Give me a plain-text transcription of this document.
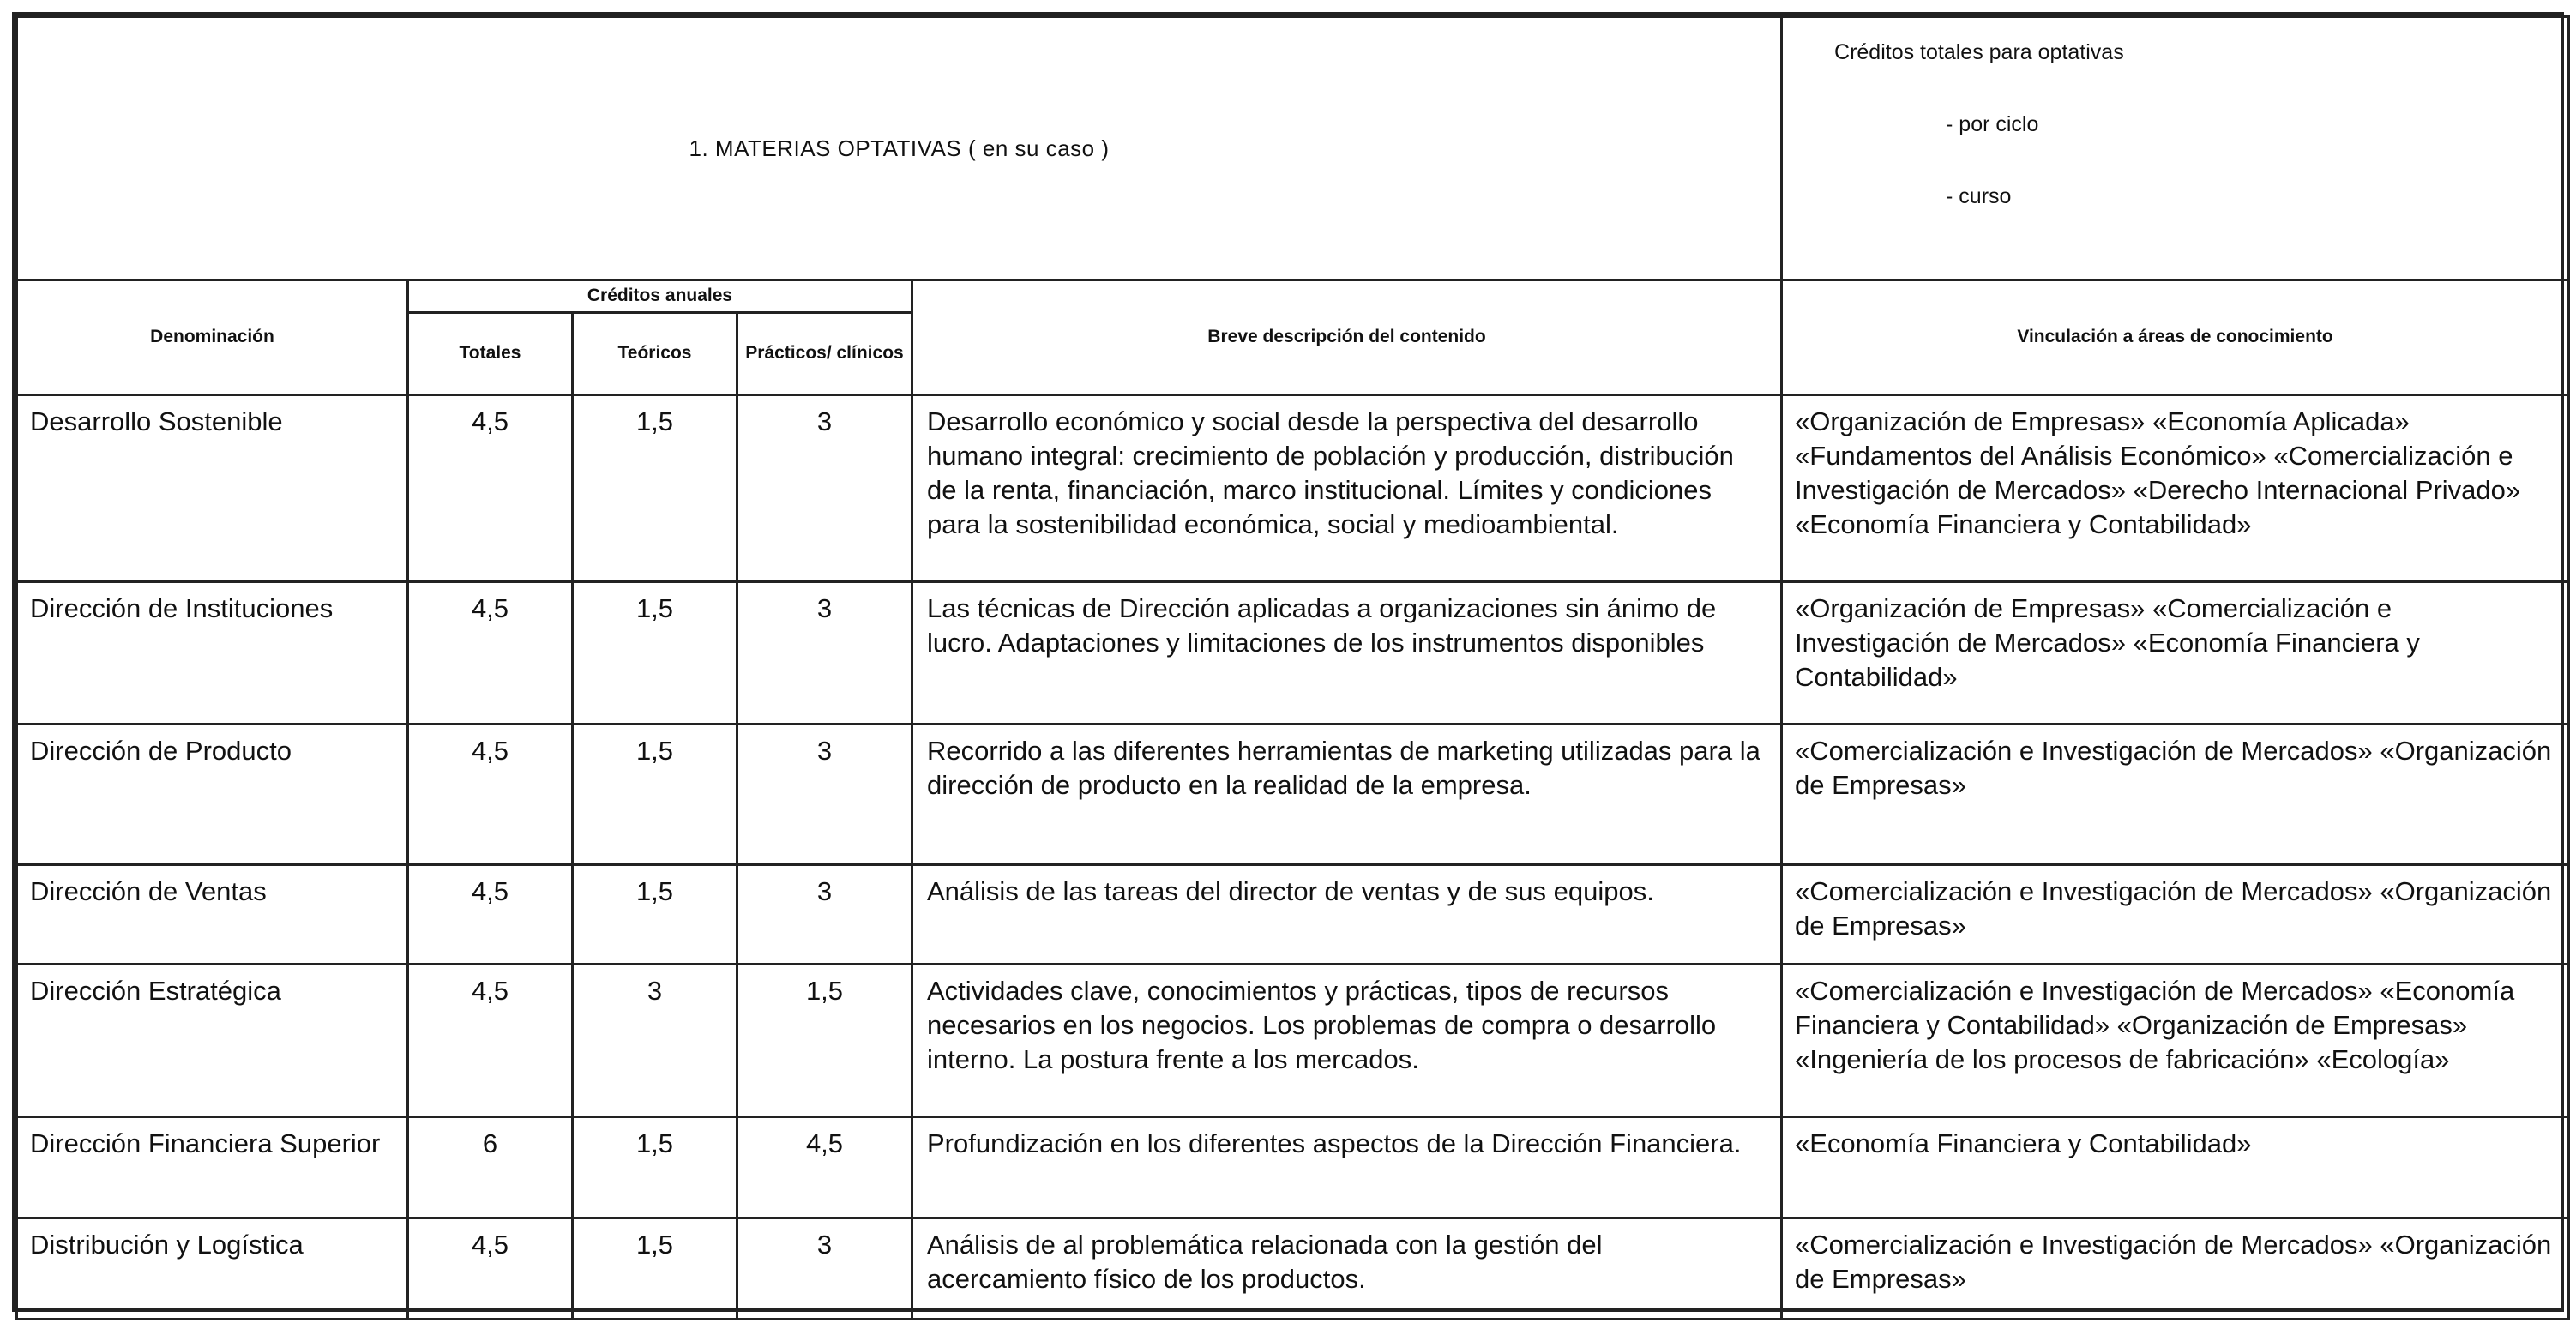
1. MATERIAS OPTATIVAS ( en su caso )					Créditos totales para optativas
- por ciclo
- curso

Denominación	Créditos anuales			Breve descripción del contenido	Vinculación a áreas de conocimiento
	Totales	Teóricos	Prácticos/ clínicos		
Desarrollo Sostenible	4,5	1,5	3	Desarrollo económico y social desde la perspectiva del desarrollo humano integral: crecimiento de población y producción, distribución de la renta, financiación, marco institucional. Límites y condiciones para la sostenibilidad económica, social y medioambiental.	«Organización de Empresas» «Economía Aplicada» «Fundamentos del Análisis Económico» «Comercialización e Investigación de Mercados» «Derecho Internacional Privado» «Economía Financiera y Contabilidad»
Dirección de Instituciones	4,5	1,5	3	Las técnicas de Dirección aplicadas a organizaciones sin ánimo de lucro. Adaptaciones y limitaciones de los instrumentos disponibles	«Organización de Empresas» «Comercialización e Investigación de Mercados» «Economía Financiera y Contabilidad»
Dirección de Producto	4,5	1,5	3	Recorrido a las diferentes herramientas de marketing utilizadas para la dirección de producto en la realidad de la empresa.	«Comercialización e Investigación de Mercados» «Organización de Empresas»
Dirección de Ventas	4,5	1,5	3	Análisis de las tareas del director de ventas y de sus equipos.	«Comercialización e Investigación de Mercados» «Organización de Empresas»
Dirección Estratégica	4,5	3	1,5	Actividades clave, conocimientos y prácticas, tipos de recursos necesarios en los negocios. Los problemas de compra o desarrollo interno. La postura frente a los mercados.	«Comercialización e Investigación de Mercados» «Economía Financiera y Contabilidad» «Organización de Empresas» «Ingeniería de los procesos de fabricación» «Ecología»
Dirección Financiera Superior	6	1,5	4,5	Profundización en los diferentes aspectos de la Dirección Financiera.	«Economía Financiera y Contabilidad»
Distribución y Logística	4,5	1,5	3	Análisis de al problemática relacionada con la gestión del acercamiento físico de los productos.	«Comercialización e Investigación de Mercados» «Organización de Empresas»
